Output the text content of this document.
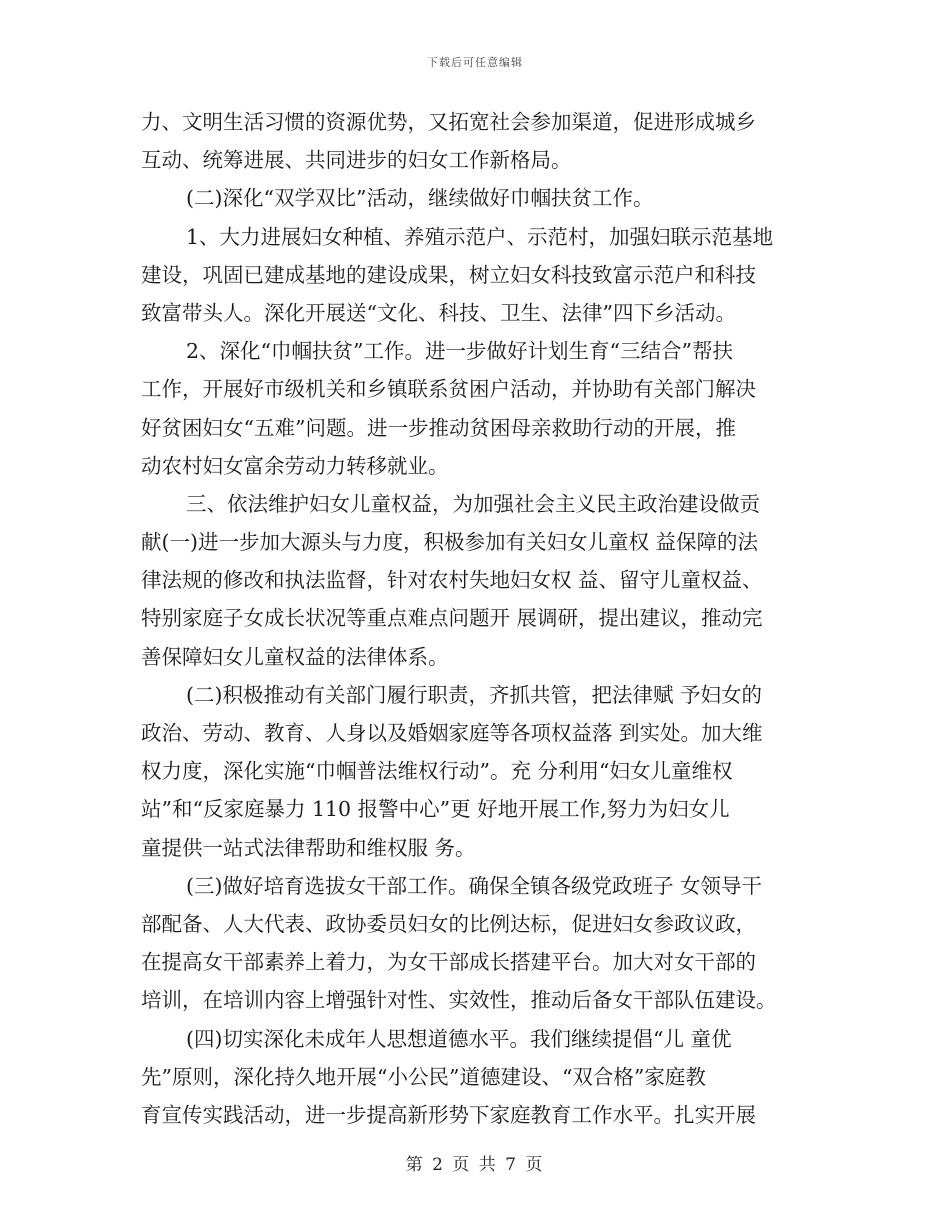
下载后可任意编辑
力、文明生活习惯的资源优势，又拓宽社会参加渠道，促进形成城乡
互动、统筹进展、共同进步的妇女工作新格局。
(二)深化“双学双比”活动，继续做好巾帼扶贫工作。
1、大力进展妇女种植、养殖示范户、示范村，加强妇联示范基地
建设，巩固已建成基地的建设成果，树立妇女科技致富示范户和科技
致富带头人。深化开展送“文化、科技、卫生、法律”四下乡活动。
2、深化“巾帼扶贫”工作。进一步做好计划生育“三结合”帮扶
工作，开展好市级机关和乡镇联系贫困户活动，并协助有关部门解决
好贫困妇女“五难”问题。进一步推动贫困母亲救助行动的开展，推
动农村妇女富余劳动力转移就业。
三、依法维护妇女儿童权益，为加强社会主义民主政治建设做贡
献(一)进一步加大源头与力度，积极参加有关妇女儿童权 益保障的法
律法规的修改和执法监督，针对农村失地妇女权 益、留守儿童权益、
特别家庭子女成长状况等重点难点问题开 展调研，提出建议，推动完
善保障妇女儿童权益的法律体系。
(二)积极推动有关部门履行职责，齐抓共管，把法律赋 予妇女的
政治、劳动、教育、人身以及婚姻家庭等各项权益落 到实处。加大维
权力度，深化实施“巾帼普法维权行动”。充 分利用“妇女儿童维权
站”和“反家庭暴力 110 报警中心”更 好地开展工作,努力为妇女儿
童提供一站式法律帮助和维权服 务。
(三)做好培育选拔女干部工作。确保全镇各级党政班子 女领导干
部配备、人大代表、政协委员妇女的比例达标，促进妇女参政议政，
在提高女干部素养上着力，为女干部成长搭建平台。加大对女干部的
培训，在培训内容上增强针对性、实效性，推动后备女干部队伍建设。
(四)切实深化未成年人思想道德水平。我们继续提倡“儿 童优
先”原则，深化持久地开展“小公民”道德建设、“双合格”家庭教
育宣传实践活动，进一步提高新形势下家庭教育工作水平。扎实开展
第 2 页 共 7 页
